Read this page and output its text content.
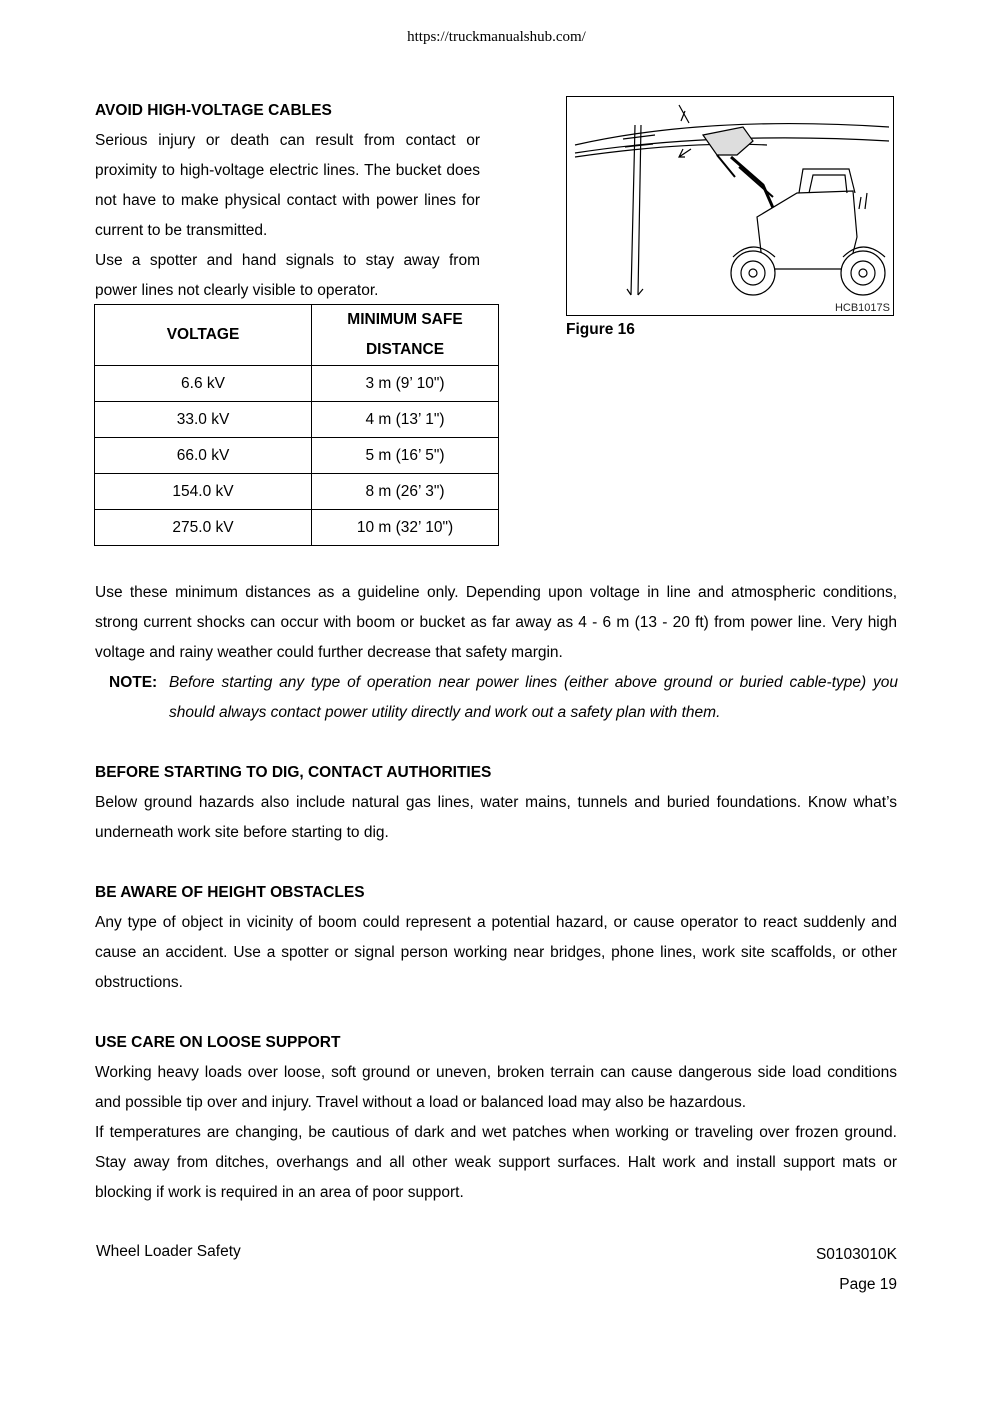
https://truckmanualshub.com/
AVOID HIGH-VOLTAGE CABLES

Serious injury or death can result from contact or proximity to high-voltage electric lines. The bucket does not have to make physical contact with power lines for current to be transmitted.

Use a spotter and hand signals to stay away from power lines not clearly visible to operator.

VOLTAGE	MINIMUM SAFE
DISTANCE

6.6 kV	3 m (9’ 10")
33.0 kV	4 m (13’ 1")
66.0 kV	5 m (16’ 5")
154.0 kV	8 m (26’ 3")
275.0 kV	10 m (32’ 10")
HCB1017S
Figure 16

Use these minimum distances as a guideline only. Depending upon voltage in line and atmospheric conditions, strong current shocks can occur with boom or bucket as far away as 4 - 6 m (13 - 20 ft) from power line. Very high voltage and rainy weather could further decrease that safety margin.

NOTE: Before starting any type of operation near power lines (either above ground or buried cable-type) you should always contact power utility directly and work out a safety plan with them.
BEFORE STARTING TO DIG, CONTACT AUTHORITIES

Below ground hazards also include natural gas lines, water mains, tunnels and buried foundations. Know what’s underneath work site before starting to dig.

BE AWARE OF HEIGHT OBSTACLES

Any type of object in vicinity of boom could represent a potential hazard, or cause operator to react suddenly and cause an accident. Use a spotter or signal person working near bridges, phone lines, work site scaffolds, or other obstructions.

USE CARE ON LOOSE SUPPORT

Working heavy loads over loose, soft ground or uneven, broken terrain can cause dangerous side load conditions and possible tip over and injury. Travel without a load or balanced load may also be hazardous.

If temperatures are changing, be cautious of dark and wet patches when working or traveling over frozen ground. Stay away from ditches, overhangs and all other weak support surfaces. Halt work and install support mats or blocking if work is required in an area of poor support.

Wheel Loader Safety	S0103010K
Page 19
